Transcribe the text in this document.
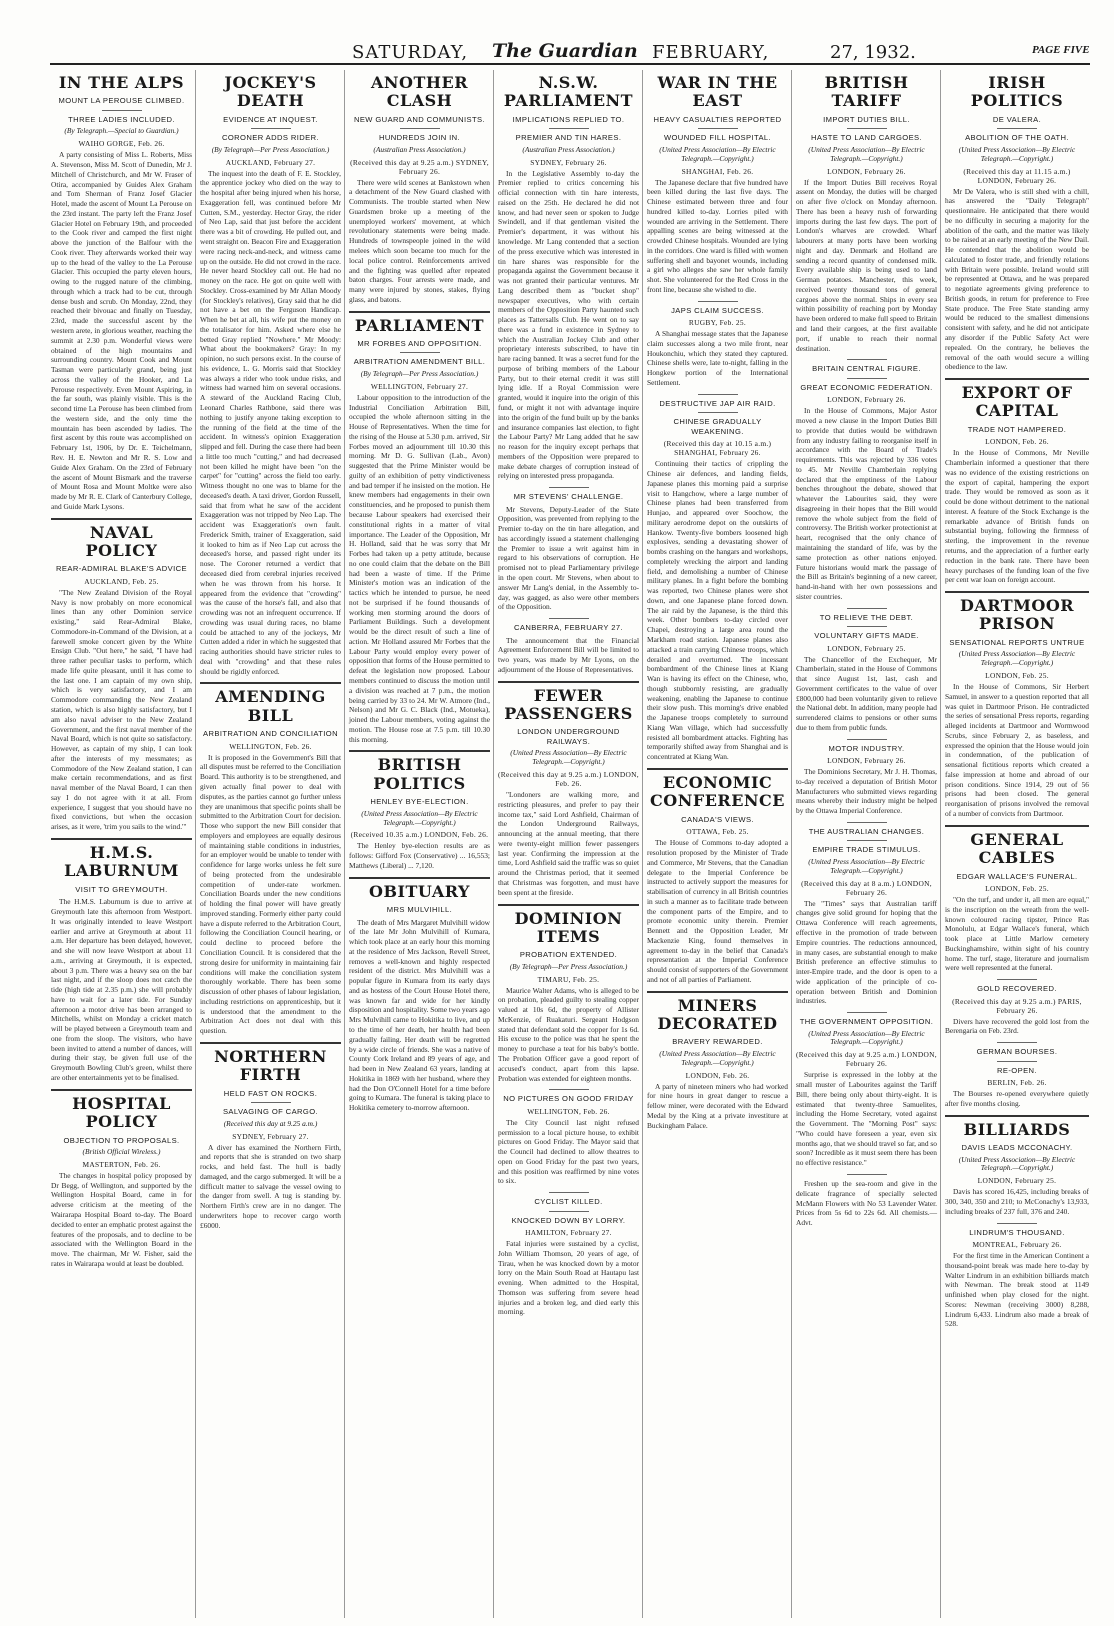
SATURDAY, The Guardian FEBRUARY,	27, 1932.	PAGE FIVE
IN THE ALPS
MOUNT LA PEROUSE CLIMBED.
THREE LADIES INCLUDED.
(By Telegraph.—Special to Guardian.)
WAIHO GORGE, Feb. 26.
A party consisting of Miss L. Roberts, Miss A. Stevenson, Miss M. Scott of Dunedin, Mr J. Mitchell of Christchurch, and Mr W. Fraser of Otira, accompanied by Guides Alex Graham and Tom Sherman of Franz Josef Glacier Hotel, made the ascent of Mount La Perouse on the 23rd instant. The party left the Franz Josef Glacier Hotel on February 19th, and proceeded to the Cook river and camped the first night above the junction of the Balfour with the Cook river. They afterwards worked their way up to the head of the valley to the La Perouse Glacier. This occupied the party eleven hours, owing to the rugged nature of the climbing, through which a track had to be cut, through dense bush and scrub. On Monday, 22nd, they reached their bivouac and finally on Tuesday, 23rd, made the successful ascent by the western arete, in glorious weather, reaching the summit at 2.30 p.m. Wonderful views were obtained of the high mountains and surrounding country. Mount Cook and Mount Tasman were particularly grand, being just across the valley of the Hooker, and La Perouse respectively. Even Mount Aspiring, in the far south, was plainly visible. This is the second time La Perouse has been climbed from the western side, and the only time the mountain has been ascended by ladies. The first ascent by this route was accomplished on February 1st, 1906, by Dr. E. Teichelmann, Rev. H. E. Newton and Mr R. S. Low and Guide Alex Graham. On the 23rd of February the ascent of Mount Bismark and the traverse of Mount Rosa and Mount Moltke were also made by Mr R. E. Clark of Canterbury College, and Guide Mark Lysons.
NAVAL POLICY
REAR-ADMIRAL BLAKE'S ADVICE
AUCKLAND, Feb. 25.
"The New Zealand Division of the Royal Navy is now probably on more economical lines than any other Dominion service existing," said Rear-Admiral Blake, Commodore-in-Command of the Division, at a farewell smoke concert given by the White Ensign Club. "Out here," he said, "I have had three rather peculiar tasks to perform, which made life quite pleasant, until it has come to the last one. I am captain of my own ship, which is very satisfactory, and I am Commodore commanding the New Zealand station, which is also highly satisfactory, but I am also naval adviser to the New Zealand Government, and the first naval member of the Naval Board, which is not quite so satisfactory. However, as captain of my ship, I can look after the interests of my messmates; as Commodore of the New Zealand station, I can make certain recommendations, and as first naval member of the Naval Board, I can then say I do not agree with it at all. From experience, I suggest that you should have no fixed convictions, but when the occasion arises, as it were, 'trim you sails to the wind.'"
H.M.S. LABURNUM
VISIT TO GREYMOUTH.
The H.M.S. Laburnum is due to arrive at Greymouth late this afternoon from Westport. It was originally intended to leave Westport earlier and arrive at Greymouth at about 11 a.m. Her departure has been delayed, however, and she will now leave Westport at about 11 a.m., arriving at Greymouth, it is expected, about 3 p.m. There was a heavy sea on the bar last night, and if the sloop does not catch the tide (high tide at 2.35 p.m.) she will probably have to wait for a later tide. For Sunday afternoon a motor drive has been arranged to Mitchells, whilst on Monday a cricket match will be played between a Greymouth team and one from the sloop. The visitors, who have been invited to attend a number of dances, will during their stay, be given full use of the Greymouth Bowling Club's green, whilst there are other entertainments yet to be finalised.
HOSPITAL POLICY
OBJECTION TO PROPOSALS.
(British Official Wireless.)
MASTERTON, Feb. 26.
The changes in hospital policy proposed by Dr Begg, of Wellington, and supported by the Wellington Hospital Board, came in for adverse criticism at the meeting of the Wairarapa Hospital Board to-day. The Board decided to enter an emphatic protest against the features of the proposals, and to decline to be associated with the Wellington Board in the move. The chairman, Mr W. Fisher, said the rates in Wairarapa would at least be doubled.
JOCKEY'S DEATH
EVIDENCE AT INQUEST.
CORONER ADDS RIDER.
(By Telegraph—Per Press Association.)
AUCKLAND, February 27.
The inquest into the death of F. E. Stockley, the apprentice jockey who died on the way to the hospital after being injured when his horse, Exaggeration fell, was continued before Mr Cutten, S.M., yesterday. Hector Gray, the rider of Neo Lap, said that just before the accident there was a bit of crowding. He pulled out, and went straight on. Beacon Fire and Exaggeration were racing neck-and-neck, and witness came up on the outside. He did not crowd in the race. He never heard Stockley call out. He had no money on the race. He got on quite well with Stockley. Cross-examined by Mr Allan Moody (for Stockley's relatives), Gray said that he did not have a bet on the Ferguson Handicap. When he bet at all, his wife put the money on the totalisator for him. Asked where else he betted Gray replied "Nowhere." Mr Moody: What about the bookmakers? Gray: In my opinion, no such persons exist. In the course of his evidence, L. G. Morris said that Stockley was always a rider who took undue risks, and witness had warned him on several occasions. A steward of the Auckland Racing Club, Leonard Charles Rathbone, said there was nothing to justify anyone taking exception to the running of the field at the time of the accident. In witness's opinion Exaggeration slipped and fell. During the case there had been a little too much "cutting," and had decreased not been killed he might have been "on the carpet" for "cutting" across the field too early. Witness thought no one was to blame for the deceased's death. A taxi driver, Gordon Russell, said that from what he saw of the accident Exaggeration was not tripped by Neo Lap. The accident was Exaggeration's own fault. Frederick Smith, trainer of Exaggeration, said it looked to him as if Neo Lap cut across the deceased's horse, and passed right under its nose. The Coroner returned a verdict that deceased died from cerebral injuries received when he was thrown from his horse. It appeared from the evidence that "crowding" was the cause of the horse's fall, and also that crowding was not an infrequent occurrence. If crowding was usual during races, no blame could be attached to any of the jockeys, Mr Cutten added a rider in which he suggested that racing authorities should have stricter rules to deal with "crowding" and that these rules should be rigidly enforced.
AMENDING BILL
ARBITRATION AND CONCILIATION
WELLINGTON, Feb. 26.
It is proposed in the Government's Bill that all disputes must be referred to the Conciliation Board. This authority is to be strengthened, and given actually final power to deal with disputes, as the parties cannot go further unless they are unanimous that specific points shall be submitted to the Arbitration Court for decision. Those who support the new Bill consider that employers and employees are equally desirous of maintaining stable conditions in industries, for an employer would be unable to tender with confidence for large works unless he felt sure of being protected from the undesirable competition of under-rate workmen. Conciliation Boards under the new conditions of holding the final power will have greatly improved standing. Formerly either party could have a dispute referred to the Arbitration Court, following the Conciliation Council hearing, or could decline to proceed before the Conciliation Council. It is considered that the strong desire for uniformity in maintaining fair conditions will make the conciliation system thoroughly workable. There has been some discussion of other phases of labour legislation, including restrictions on apprenticeship, but it is understood that the amendment to the Arbitration Act does not deal with this question.
NORTHERN FIRTH
HELD FAST ON ROCKS.
SALVAGING OF CARGO.
(Received this day at 9.25 a.m.)
SYDNEY, February 27.
A diver has examined the Northern Firth, and reports that she is stranded on two sharp rocks, and held fast. The hull is badly damaged, and the cargo submerged. It will be a difficult matter to salvage the vessel owing to the danger from swell. A tug is standing by. Northern Firth's crew are in no danger. The underwriters hope to recover cargo worth £6000.
ANOTHER CLASH
NEW GUARD AND COMMUNISTS.
HUNDREDS JOIN IN.
(Australian Press Association.)
(Received this day at 9.25 a.m.) SYDNEY, February 26.
There were wild scenes at Bankstown when a detachment of the New Guard clashed with Communists. The trouble started when New Guardsmen broke up a meeting of the unemployed workers' movement, at which revolutionary statements were being made. Hundreds of townspeople joined in the wild melees which soon became too much for the local police control. Reinforcements arrived and the fighting was quelled after repeated baton charges. Four arrests were made, and many were injured by stones, stakes, flying glass, and batons.
PARLIAMENT
MR FORBES AND OPPOSITION.
ARBITRATION AMENDMENT BILL.
(By Telegraph—Per Press Association.)
WELLINGTON, February 27.
Labour opposition to the introduction of the Industrial Conciliation Arbitration Bill, occupied the whole afternoon sitting in the House of Representatives. When the time for the rising of the House at 5.30 p.m. arrived, Sir Forbes moved an adjournment till 10.30 this morning. Mr D. G. Sullivan (Lab., Avon) suggested that the Prime Minister would be guilty of an exhibition of petty vindictiveness and bad temper if he insisted on the motion. He knew members had engagements in their own constituencies, and he proposed to punish them because Labour speakers had exercised their constitutional rights in a matter of vital importance. The Leader of the Opposition, Mr H. Holland, said that he was sorry that Mr Forbes had taken up a petty attitude, because no one could claim that the debate on the Bill had been a waste of time. If the Prime Minister's motion was an indication of the tactics which he intended to pursue, he need not be surprised if he found thousands of working men storming around the doors of Parliament Buildings. Such a development would be the direct result of such a line of action. Mr Holland assured Mr Forbes that the Labour Party would employ every power of opposition that forms of the House permitted to defeat the legislation now proposed. Labour members continued to discuss the motion until a division was reached at 7 p.m., the motion being carried by 33 to 24. Mr W. Atmore (Ind., Nelson) and Mr G. C. Black (Ind., Motueka), joined the Labour members, voting against the motion. The House rose at 7.5 p.m. till 10.30 this morning.
BRITISH POLITICS
HENLEY BYE-ELECTION.
(United Press Association—By Electric Telegraph.—Copyright.)
(Received 10.35 a.m.) LONDON, Feb. 26.
The Henley bye-election results are as follows: Gifford Fox (Conservative) ... 16,553; Matthews (Liberal) ... 7,120.
OBITUARY
MRS MULVIHILL.
The death of Mrs Margaret Mulvihill widow of the late Mr John Mulvihill of Kumara, which took place at an early hour this morning at the residence of Mrs Jackson, Revell Street, removes a well-known and highly respected resident of the district. Mrs Mulvihill was a popular figure in Kumara from its early days and as hostess of the Court House Hotel there, was known far and wide for her kindly disposition and hospitality. Some two years ago Mrs Mulvihill came to Hokitika to live, and up to the time of her death, her health had been gradually failing. Her death will be regretted by a wide circle of friends. She was a native of County Cork Ireland and 89 years of age, and had been in New Zealand 63 years, landing at Hokitika in 1869 with her husband, where they had the Don O'Connell Hotel for a time before going to Kumara. The funeral is taking place to Hokitika cemetery to-morrow afternoon.
N.S.W. PARLIAMENT
IMPLICATIONS REPLIED TO.
PREMIER AND TIN HARES.
(Australian Press Association.)
SYDNEY, February 26.
In the Legislative Assembly to-day the Premier replied to critics concerning his official connection with tin hare interests, raised on the 25th. He declared he did not know, and had never seen or spoken to Judge Swindell, and if that gentleman visited the Premier's department, it was without his knowledge. Mr Lang contended that a section of the press executive which was interested in tin hare shares was responsible for the propaganda against the Government because it was not granted their particular ventures. Mr Lang described them as "bucket shop" newspaper executives, who with certain members of the Opposition Party haunted such places as Tattersalls Club. He went on to say there was a fund in existence in Sydney to which the Australian Jockey Club and other proprietary interests subscribed, to have tin hare racing banned. It was a secret fund for the purpose of bribing members of the Labour Party, but to their eternal credit it was still lying idle. If a Royal Commission were granted, would it inquire into the origin of this fund, or might it not with advantage inquire into the origin of the fund built up by the banks and insurance companies last election, to fight the Labour Party? Mr Lang added that he saw no reason for the inquiry except perhaps that members of the Opposition were prepared to make debate charges of corruption instead of relying on interested press propaganda.
MR STEVENS' CHALLENGE.
Mr Stevens, Deputy-Leader of the State Opposition, was prevented from replying to the Premier to-day on the tin hare allegation, and has accordingly issued a statement challenging the Premier to issue a writ against him in regard to his observations of corruption. He promised not to plead Parliamentary privilege in the open court. Mr Stevens, when about to answer Mr Lang's denial, in the Assembly to-day, was gagged, as also were other members of the Opposition.
CANBERRA, FEBRUARY 27.
The announcement that the Financial Agreement Enforcement Bill will be limited to two years, was made by Mr Lyons, on the adjournment of the House of Representatives.
FEWER PASSENGERS
LONDON UNDERGROUND RAILWAYS.
(United Press Association—By Electric Telegraph.—Copyright.)
(Received this day at 9.25 a.m.) LONDON, Feb. 26.
"Londoners are walking more, and restricting pleasures, and prefer to pay their income tax," said Lord Ashfield, Chairman of the London Underground Railways, announcing at the annual meeting, that there were twenty-eight million fewer passengers last year. Confirming the impression at the time, Lord Ashfield said the traffic was so quiet around the Christmas period, that it seemed that Christmas was forgotten, and must have been spent at the fireside.
DOMINION ITEMS
PROBATION EXTENDED.
(By Telegraph—Per Press Association.)
TIMARU, Feb. 25.
Maurice Walter Adams, who is alleged to be on probation, pleaded guilty to stealing copper valued at 10s 6d, the property of Allister McKenzie, of Ruakaturi. Sergeant Hodgson stated that defendant sold the copper for 1s 6d. His excuse to the police was that he spent the money to purchase a teat for his baby's bottle. The Probation Officer gave a good report of accused's conduct, apart from this lapse. Probation was extended for eighteen months.
NO PICTURES ON GOOD FRIDAY
WELLINGTON, Feb. 26.
The City Council last night refused permission to a local picture house, to exhibit pictures on Good Friday. The Mayor said that the Council had declined to allow theatres to open on Good Friday for the past two years, and this position was reaffirmed by nine votes to six.
CYCLIST KILLED.
KNOCKED DOWN BY LORRY.
HAMILTON, February 27.
Fatal injuries were sustained by a cyclist, John William Thomson, 20 years of age, of Tirau, when he was knocked down by a motor lorry on the Main South Road at Hautapu last evening. When admitted to the Hospital, Thomson was suffering from severe head injuries and a broken leg, and died early this morning.
WAR IN THE EAST
HEAVY CASUALTIES REPORTED
WOUNDED FILL HOSPITAL.
(United Press Association—By Electric Telegraph.—Copyright.)
SHANGHAI, Feb. 26.
The Japanese declare that five hundred have been killed during the last five days. The Chinese estimated between three and four hundred killed to-day. Lorries piled with wounded are arriving in the Settlement. There appalling scenes are being witnessed at the crowded Chinese hospitals. Wounded are lying in the corridors. One ward is filled with women suffering shell and bayonet wounds, including a girl who alleges she saw her whole family shot. She volunteered for the Red Cross in the front line, because she wished to die.
JAPS CLAIM SUCCESS.
RUGBY, Feb. 25.
A Shanghai message states that the Japanese claim successes along a two mile front, near Houkonchiu, which they stated they captured. Chinese shells were, late to-night, falling in the Hongkew portion of the International Settlement.
DESTRUCTIVE JAP AIR RAID.
CHINESE GRADUALLY WEAKENING.
(Received this day at 10.15 a.m.) SHANGHAI, February 26.
Continuing their tactics of crippling the Chinese air defences, and landing fields, Japanese planes this morning paid a surprise visit to Hangchow, where a large number of Chinese planes had been transferred from Hunjao, and appeared over Soochow, the military aerodrome depot on the outskirts of Hankow. Twenty-five bombers loosened high explosives, sending a devastating shower of bombs crashing on the hangars and workshops, completely wrecking the airport and landing field, and demolishing a number of Chinese military planes. In a fight before the bombing was reported, two Chinese planes were shot down, and one Japanese plane forced down. The air raid by the Japanese, is the third this week. Other bombers to-day circled over Chapei, destroying a large area round the Markham road station. Japanese planes also attacked a train carrying Chinese troops, which derailed and overturned. The incessant bombardment of the Chinese lines at Kiang Wan is having its effect on the Chinese, who, though stubbornly resisting, are gradually weakening, enabling the Japanese to continue their slow push. This morning's drive enabled the Japanese troops completely to surround Kiang Wan village, which had successfully resisted all bombardment attacks. Fighting has temporarily shifted away from Shanghai and is concentrated at Kiang Wan.
ECONOMIC CONFERENCE
CANADA'S VIEWS.
OTTAWA, Feb. 25.
The House of Commons to-day adopted a resolution proposed by the Minister of Trade and Commerce, Mr Stevens, that the Canadian delegate to the Imperial Conference be instructed to actively support the measures for stabilisation of currency in all British countries in such a manner as to facilitate trade between the component parts of the Empire, and to promote economic unity therein. Premier Bennett and the Opposition Leader, Mr Mackenzie King, found themselves in agreement to-day in the belief that Canada's representation at the Imperial Conference should consist of supporters of the Government and not of all parties of Parliament.
MINERS DECORATED
BRAVERY REWARDED.
(United Press Association—By Electric Telegraph.—Copyright.)
LONDON, Feb. 26.
A party of nineteen miners who had worked for nine hours in great danger to rescue a fellow miner, were decorated with the Edward Medal by the King at a private investiture at Buckingham Palace.
BRITISH TARIFF
IMPORT DUTIES BILL.
HASTE TO LAND CARGOES.
(United Press Association—By Electric Telegraph.—Copyright.)
LONDON, February 26.
If the Import Duties Bill receives Royal assent on Monday, the duties will be charged on after five o'clock on Monday afternoon. There has been a heavy rush of forwarding imports during the last few days. The port of London's wharves are crowded. Wharf labourers at many ports have been working night and day. Denmark and Holland are sending a record quantity of condensed milk. Every available ship is being used to land German potatoes. Manchester, this week, received twenty thousand tons of general cargoes above the normal. Ships in every sea within possibility of reaching port by Monday have been ordered to make full speed to Britain and land their cargoes, at the first available port, if unable to reach their normal destination.
BRITAIN CENTRAL FIGURE.
GREAT ECONOMIC FEDERATION.
LONDON, February 26.
In the House of Commons, Major Astor moved a new clause in the Import Duties Bill to provide that duties would be withdrawn from any industry failing to reorganise itself in accordance with the Board of Trade's requirements. This was rejected by 336 votes to 45. Mr Neville Chamberlain replying declared that the emptiness of the Labour benches throughout the debate, showed that whatever the Labourites said, they were disagreeing in their hopes that the Bill would remove the whole subject from the field of controversy. The British worker protectionist at heart, recognised that the only chance of maintaining the standard of life, was by the same protection as other nations enjoyed. Future historians would mark the passage of the Bill as Britain's beginning of a new career, hand-in-hand with her own possessions and sister countries.
TO RELIEVE THE DEBT.
VOLUNTARY GIFTS MADE.
LONDON, February 25.
The Chancellor of the Exchequer, Mr Chamberlain, stated in the House of Commons that since August 1st, last, cash and Government certificates to the value of over £800,000 had been voluntarily given to relieve the National debt. In addition, many people had surrendered claims to pensions or other sums due to them from public funds.
MOTOR INDUSTRY.
LONDON, February 26.
The Dominions Secretary, Mr J. H. Thomas, to-day received a deputation of British Motor Manufacturers who submitted views regarding means whereby their industry might be helped by the Ottawa Imperial Conference.
THE AUSTRALIAN CHANGES.
EMPIRE TRADE STIMULUS.
(United Press Association—By Electric Telegraph.—Copyright.)
(Received this day at 8 a.m.) LONDON, February 26.
The "Times" says that Australian tariff changes give solid ground for hoping that the Ottawa Conference will reach agreements, effective in the promotion of trade between Empire countries. The reductions announced, in many cases, are substantial enough to make British preference an effective stimulus to inter-Empire trade, and the door is open to a wide application of the principle of co-operation between British and Dominion industries.
THE GOVERNMENT OPPOSITION.
(United Press Association—By Electric Telegraph.—Copyright.)
(Received this day at 9.25 a.m.) LONDON, February 26.
Surprise is expressed in the lobby at the small muster of Labourites against the Tariff Bill, there being only about thirty-eight. It is estimated that twenty-three Samuelites, including the Home Secretary, voted against the Government. The "Morning Post" says: "Who could have foreseen a year, even six months ago, that we should travel so far, and so soon? Incredible as it must seem there has been no effective resistance."
Freshen up the sea-room and give in the delicate fragrance of specially selected McMann Flowers with No 53 Lavender Water. Prices from 5s 6d to 22s 6d. All chemists.—Advt.
IRISH POLITICS
DE VALERA.
ABOLITION OF THE OATH.
(United Press Association—By Electric Telegraph.—Copyright.)
(Received this day at 11.15 a.m.) LONDON, February 26.
Mr De Valera, who is still shed with a chill, has answered the "Daily Telegraph" questionnaire. He anticipated that there would be no difficulty in securing a majority for the abolition of the oath, and the matter was likely to be raised at an early meeting of the New Dail. He contended that the abolition would be calculated to foster trade, and friendly relations with Britain were possible. Ireland would still be represented at Ottawa, and he was prepared to negotiate agreements giving preference to British goods, in return for preference to Free State produce. The Free State standing army would be reduced to the smallest dimensions consistent with safety, and he did not anticipate any disorder if the Public Safety Act were repealed. On the contrary, he believes the removal of the oath would secure a willing obedience to the law.
EXPORT OF CAPITAL
TRADE NOT HAMPERED.
LONDON, Feb. 26.
In the House of Commons, Mr Neville Chamberlain informed a questioner that there was no evidence of the existing restrictions on the export of capital, hampering the export trade. They would be removed as soon as it could be done without detriment to the national interest. A feature of the Stock Exchange is the remarkable advance of British funds on substantial buying, following the firmness of sterling, the improvement in the revenue returns, and the appreciation of a further early reduction in the bank rate. There have been heavy purchases of the funding loan of the five per cent war loan on foreign account.
DARTMOOR PRISON
SENSATIONAL REPORTS UNTRUE
(United Press Association—By Electric Telegraph.—Copyright.)
LONDON, Feb. 25.
In the House of Commons, Sir Herbert Samuel, in answer to a question reported that all was quiet in Dartmoor Prison. He contradicted the series of sensational Press reports, regarding alleged incidents at Dartmoor and Wormwood Scrubs, since February 2, as baseless, and expressed the opinion that the House would join in condemnation, of the publication of sensational fictitious reports which created a false impression at home and abroad of our prison conditions. Since 1914, 29 out of 56 prisons had been closed. The general reorganisation of prisons involved the removal of a number of convicts from Dartmoor.
GENERAL CABLES
EDGAR WALLACE'S FUNERAL.
LONDON, Feb. 25.
"On the turf, and under it, all men are equal," is the inscription on the wreath from the well-known coloured racing tipster, Prince Ras Monolulu, at Edgar Wallace's funeral, which took place at Little Marlow cemetery Buckinghamshire, within sight of his country home. The turf, stage, literature and journalism were well represented at the funeral.
GOLD RECOVERED.
(Received this day at 9.25 a.m.) PARIS, February 26.
Divers have recovered the gold lost from the Berengaria on Feb. 23rd.
GERMAN BOURSES.
RE-OPEN.
BERLIN, Feb. 26.
The Bourses re-opened everywhere quietly after five months closing.
BILLIARDS
DAVIS LEADS MCCONACHY.
(United Press Association—By Electric Telegraph.—Copyright.)
LONDON, February 25.
Davis has scored 16,425, including breaks of 300, 340, 350 and 210; to McConachy's 13,933, including breaks of 237 full, 376 and 240.
LINDRUM'S THOUSAND.
MONTREAL, February 26.
For the first time in the American Continent a thousand-point break was made here to-day by Walter Lindrum in an exhibition billiards match with Newman. The break stood at 1149 unfinished when play closed for the night. Scores: Newman (receiving 3000) 8,288, Lindrum 6,433. Lindrum also made a break of 528.
